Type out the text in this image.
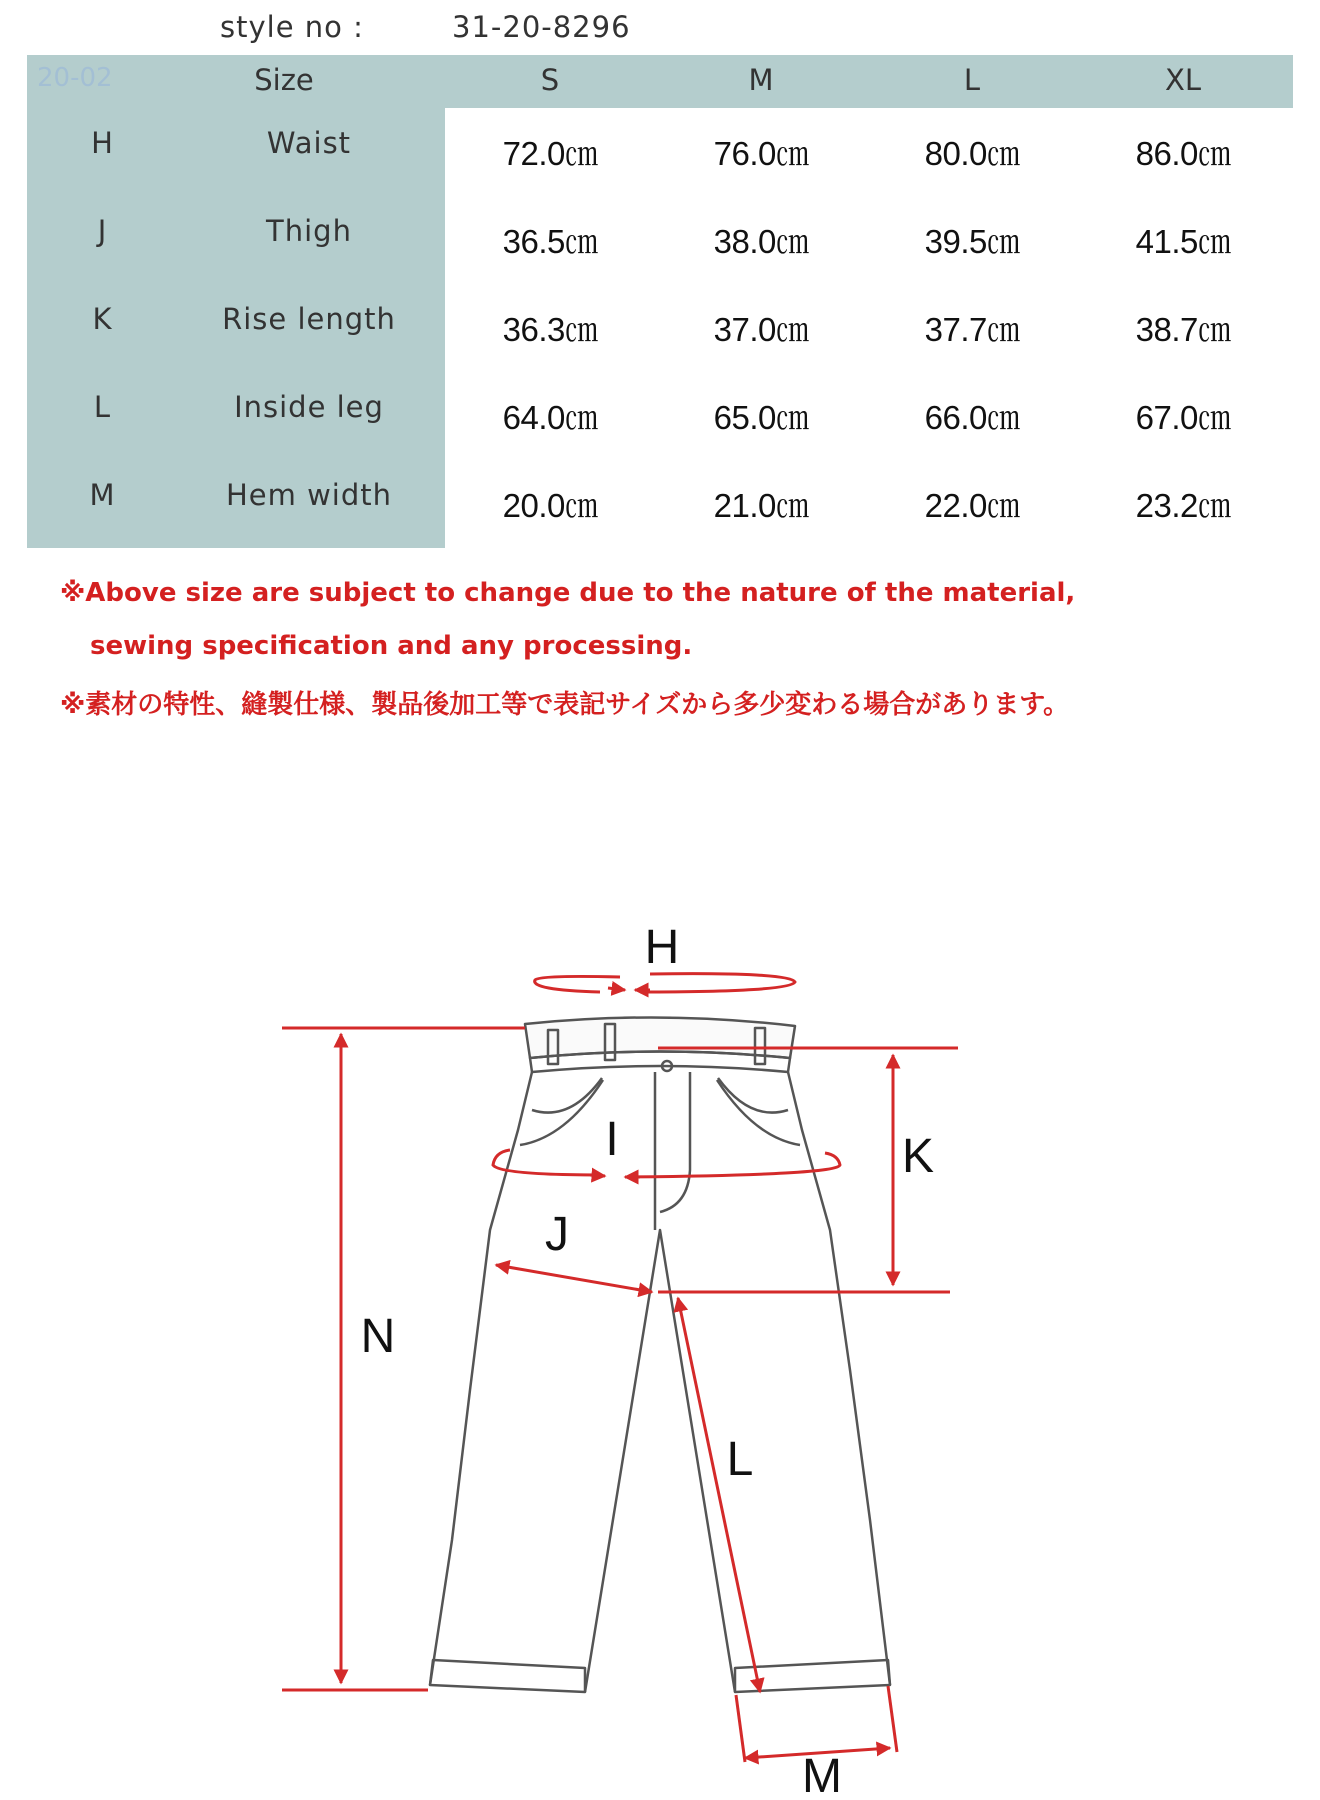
style no :	31-20-8296
20-02	Size	S	M	L	XL
H	Waist	72.0㎝	76.0㎝	80.0㎝	86.0㎝
J	Thigh	36.5㎝	38.0㎝	39.5㎝	41.5㎝
K	Rise length	36.3㎝	37.0㎝	37.7㎝	38.7㎝
L	Inside leg	64.0㎝	65.0㎝	66.0㎝	67.0㎝
M	Hem width	20.0㎝	21.0㎝	22.0㎝	23.2㎝
※Above size are subject to change due to the nature of the material,
sewing specification and any processing.
※素材の特性、縫製仕様、製品後加工等で表記サイズから多少変わる場合があります。
H
I
J
K
N
L
M
